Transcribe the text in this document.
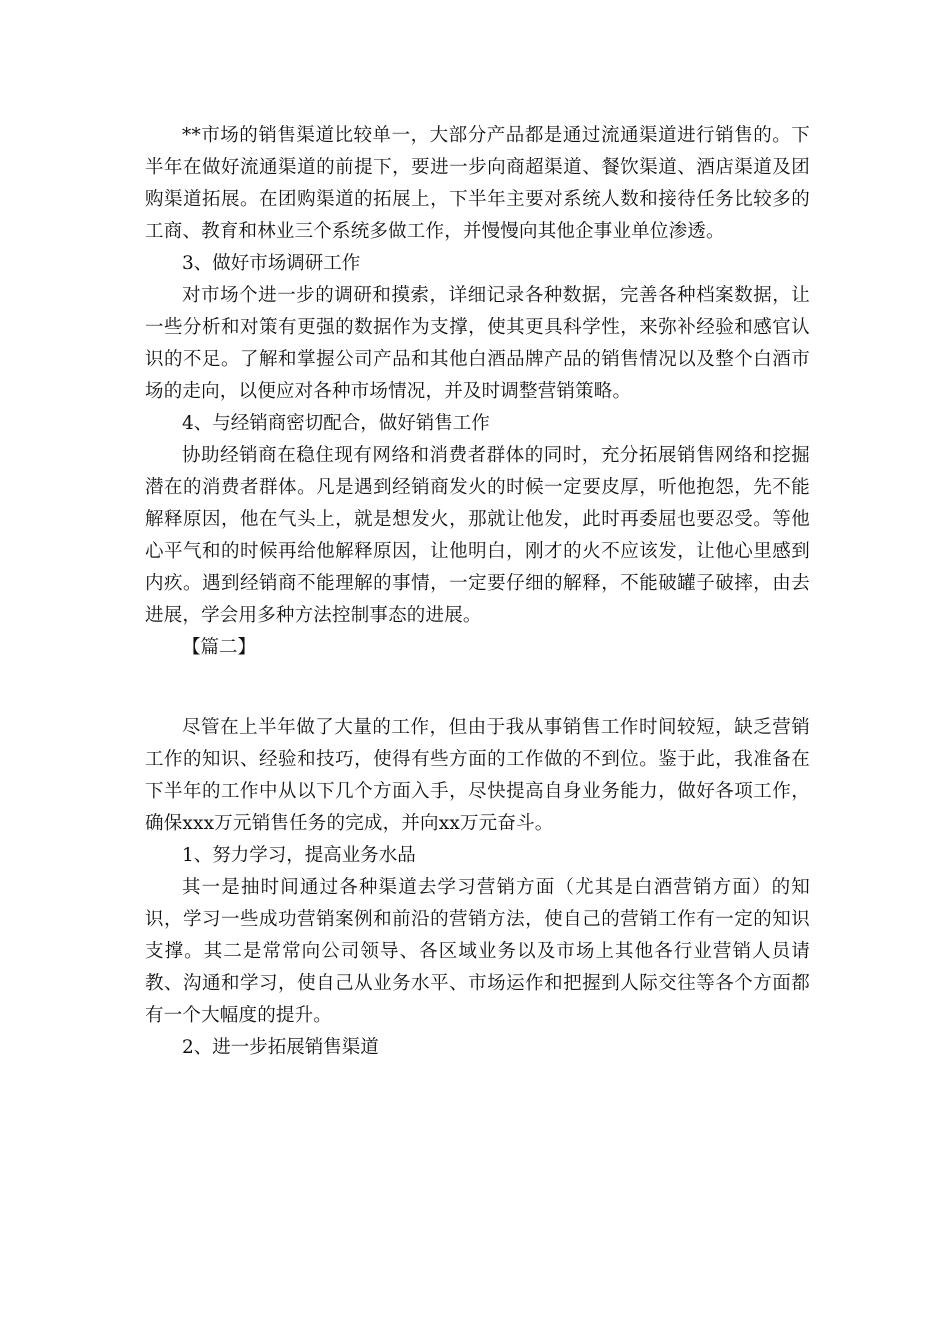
**市场的销售渠道比较单一，大部分产品都是通过流通渠道进行销售的。下半年在做好流通渠道的前提下，要进一步向商超渠道、餐饮渠道、酒店渠道及团购渠道拓展。在团购渠道的拓展上，下半年主要对系统人数和接待任务比较多的工商、教育和林业三个系统多做工作，并慢慢向其他企事业单位渗透。

3、做好市场调研工作

对市场个进一步的调研和摸索，详细记录各种数据，完善各种档案数据，让一些分析和对策有更强的数据作为支撑，使其更具科学性，来弥补经验和感官认识的不足。了解和掌握公司产品和其他白酒品牌产品的销售情况以及整个白酒市场的走向，以便应对各种市场情况，并及时调整营销策略。

4、与经销商密切配合，做好销售工作

协助经销商在稳住现有网络和消费者群体的同时，充分拓展销售网络和挖掘潜在的消费者群体。凡是遇到经销商发火的时候一定要皮厚，听他抱怨，先不能解释原因，他在气头上，就是想发火，那就让他发，此时再委屈也要忍受。等他心平气和的时候再给他解释原因，让他明白，刚才的火不应该发，让他心里感到内疚。遇到经销商不能理解的事情，一定要仔细的解释，不能破罐子破摔，由去进展，学会用多种方法控制事态的进展。

【篇二】

尽管在上半年做了大量的工作，但由于我从事销售工作时间较短，缺乏营销工作的知识、经验和技巧，使得有些方面的工作做的不到位。鉴于此，我准备在下半年的工作中从以下几个方面入手，尽快提高自身业务能力，做好各项工作，确保xxx万元销售任务的完成，并向xx万元奋斗。

1、努力学习，提高业务水品

其一是抽时间通过各种渠道去学习营销方面（尤其是白酒营销方面）的知识，学习一些成功营销案例和前沿的营销方法，使自己的营销工作有一定的知识支撑。其二是常常向公司领导、各区域业务以及市场上其他各行业营销人员请教、沟通和学习，使自己从业务水平、市场运作和把握到人际交往等各个方面都有一个大幅度的提升。

2、进一步拓展销售渠道
